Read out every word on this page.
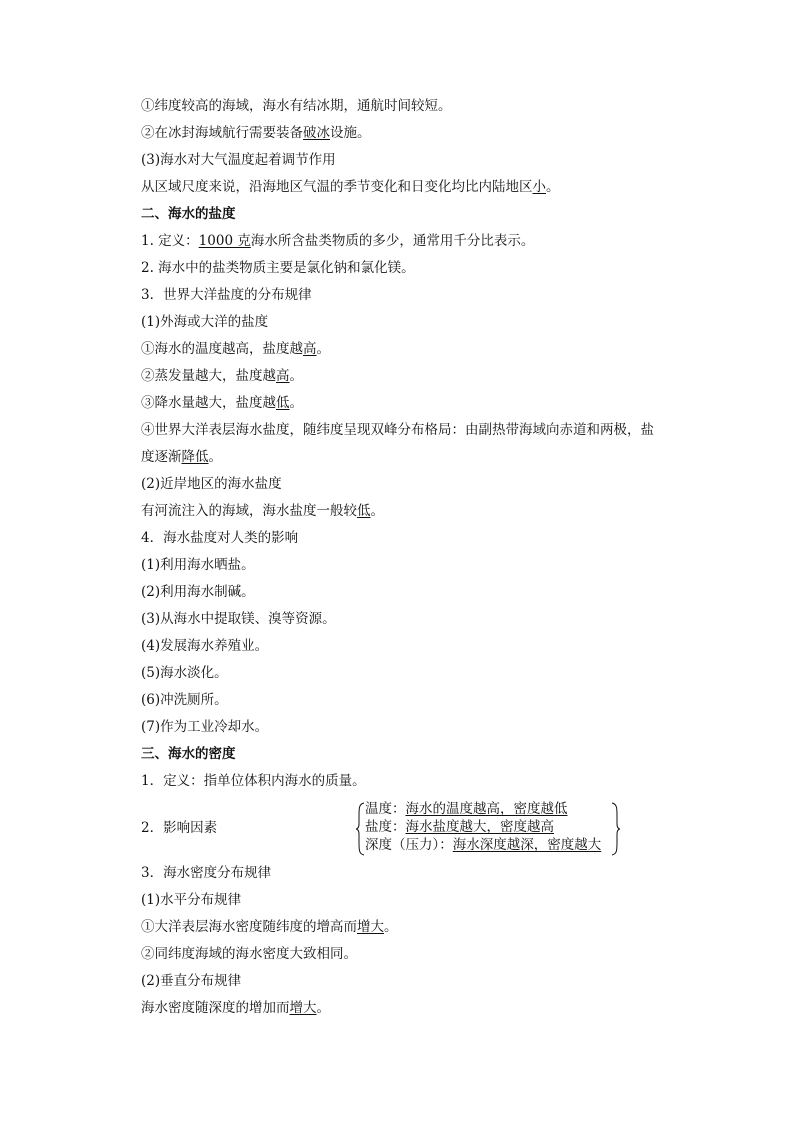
①纬度较高的海域，海水有结冰期，通航时间较短。
②在冰封海域航行需要装备破冰设施。
(3)海水对大气温度起着调节作用
从区域尺度来说，沿海地区气温的季节变化和日变化均比内陆地区小。
二、海水的盐度
1. 定义：1000 克海水所含盐类物质的多少，通常用千分比表示。
2. 海水中的盐类物质主要是氯化钠和氯化镁。
3．世界大洋盐度的分布规律
(1)外海或大洋的盐度
①海水的温度越高，盐度越高。
②蒸发量越大，盐度越高。
③降水量越大，盐度越低。
④世界大洋表层海水盐度，随纬度呈现双峰分布格局：由副热带海域向赤道和两极，盐
度逐渐降低。
(2)近岸地区的海水盐度
有河流注入的海域，海水盐度一般较低。
4．海水盐度对人类的影响
(1)利用海水晒盐。
(2)利用海水制碱。
(3)从海水中提取镁、溴等资源。
(4)发展海水养殖业。
(5)海水淡化。
(6)冲洗厕所。
(7)作为工业冷却水。
三、海水的密度
1．定义：指单位体积内海水的质量。
3．海水密度分布规律
(1)水平分布规律
①大洋表层海水密度随纬度的增高而增大。
②同纬度海域的海水密度大致相同。
(2)垂直分布规律
海水密度随深度的增加而增大。
2．影响因素
温度：海水的温度越高，密度越低
盐度：海水盐度越大，密度越高
深度（压力）：海水深度越深，密度越大
